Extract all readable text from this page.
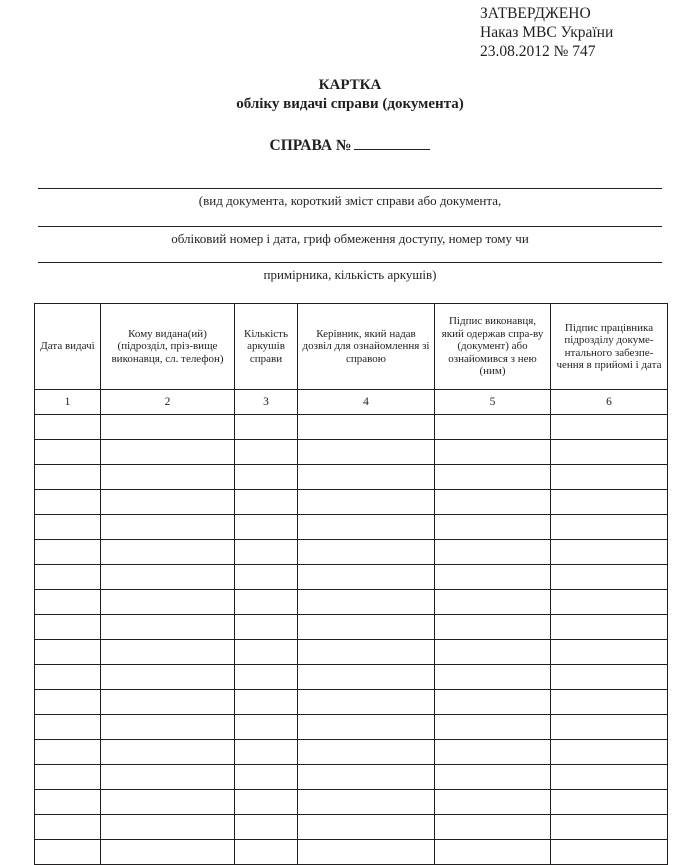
ЗАТВЕРДЖЕНО
Наказ МВС України
23.08.2012 № 747
КАРТКА
обліку видачі справи (документа)
СПРАВА №
(вид документа, короткий зміст справи або документа,
обліковий номер і дата, гриф обмеження доступу, номер тому чи
примірника, кількість аркушів)
Дата видачі	Кому видана(ий) (підрозділ, пріз-вище виконавця, сл. телефон)	Кількість аркушів справи	Керівник, який надав дозвіл для ознайомлення зі справою	Підпис виконавця, який одержав спра-ву (документ) або ознайомився з нею (ним)	Підпис працівника підрозділу докуме-нтального забезпе-чення в прийомі і дата
1	2	3	4	5	6
